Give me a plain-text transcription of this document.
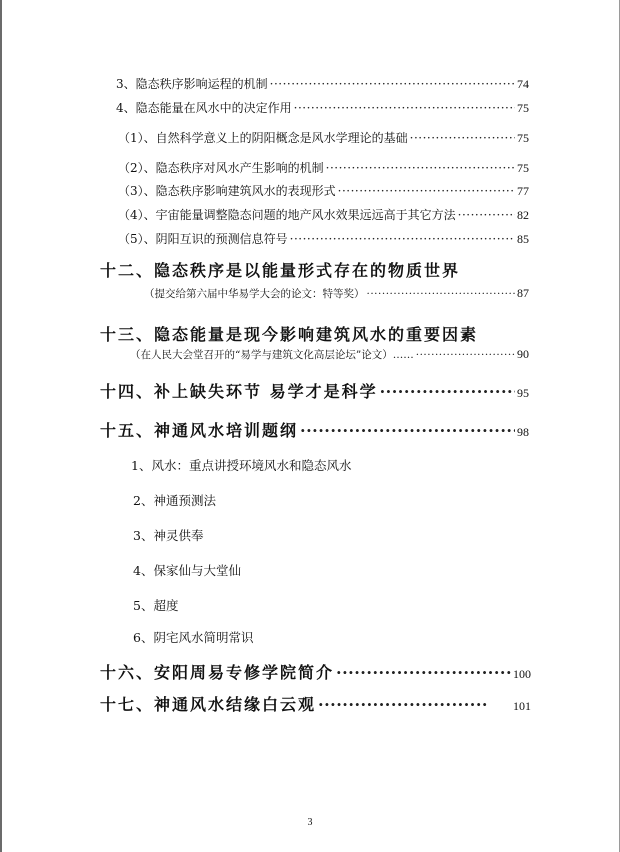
3、隐态秩序影响运程的机制 ·····	74
4、隐态能量在风水中的决定作用 ·····	75
（1）、自然科学意义上的阴阳概念是风水学理论的基础 ·····	75
（2）、隐态秩序对风水产生影响的机制 ·····	75
（3）、隐态秩序影响建筑风水的表现形式 ·····	77
（4）、宇宙能量调整隐态问题的地产风水效果远远高于其它方法 ·····	82
（5）、阴阳互识的预测信息符号 ·····	85
十二、隐态秩序是以能量形式存在的物质世界
（提交给第六届中华易学大会的论文：特等奖） ·····	87
十三、隐态能量是现今影响建筑风水的重要因素
（在人民大会堂召开的“易学与建筑文化高层论坛”论文）…… ·····	90
十四、补上缺失环节 易学才是科学 ·····	95
十五、神通风水培训题纲 ·····	98
1、风水：重点讲授环境风水和隐态风水
2、神通预测法
3、神灵供奉
4、保家仙与大堂仙
5、超度
6、阴宅风水简明常识
十六、安阳周易专修学院简介 ·····	100
十七、神通风水结缘白云观 ·····	101
3
